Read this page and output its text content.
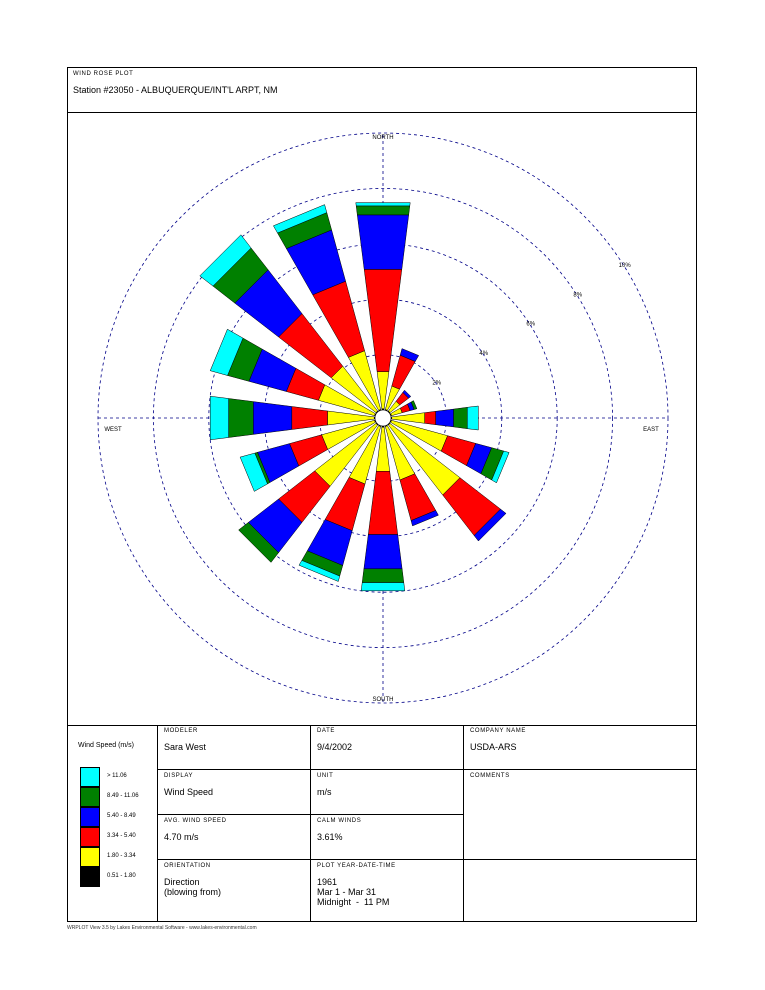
WIND ROSE PLOT
Station #23050 - ALBUQUERQUE/INT'L ARPT, NM
2%
4%
6%
8%
10%
NORTH
SOUTH
EAST
WEST
Wind Speed (m/s)
> 11.06
8.49 - 11.06
5.40 - 8.49
3.34 - 5.40
1.80 - 3.34
0.51 - 1.80
MODELER
Sara West
DATE
9/4/2002
COMPANY NAME
USDA-ARS
DISPLAY
Wind Speed
UNIT
m/s
COMMENTS
AVG. WIND SPEED
4.70 m/s
CALM WINDS
3.61%
ORIENTATION
Direction
(blowing from)
PLOT YEAR-DATE-TIME
1961
Mar 1 - Mar 31
Midnight  -  11 PM
WRPLOT View 3.5 by Lakes Environmental Software - www.lakes-environmental.com
